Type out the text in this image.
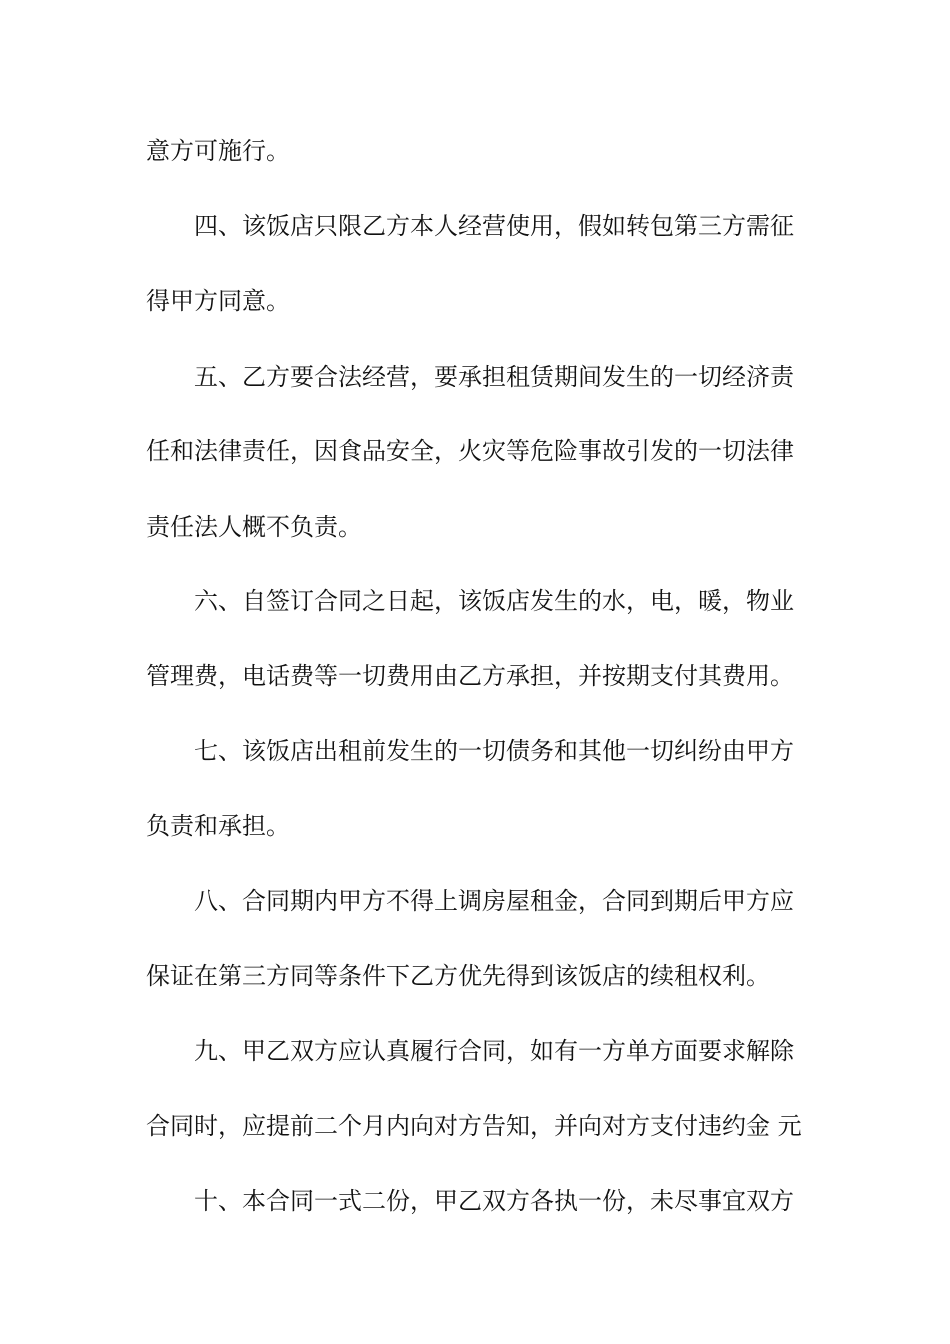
意方可施行。
四、该饭店只限乙方本人经营使用，假如转包第三方需征
得甲方同意。
五、乙方要合法经营，要承担租赁期间发生的一切经济责
任和法律责任，因食品安全，火灾等危险事故引发的一切法律
责任法人概不负责。
六、自签订合同之日起，该饭店发生的水，电，暖，物业
管理费，电话费等一切费用由乙方承担，并按期支付其费用。
七、该饭店出租前发生的一切债务和其他一切纠纷由甲方
负责和承担。
八、合同期内甲方不得上调房屋租金，合同到期后甲方应
保证在第三方同等条件下乙方优先得到该饭店的续租权利。
九、甲乙双方应认真履行合同，如有一方单方面要求解除
合同时，应提前二个月内向对方告知，并向对方支付违约金 元
十、本合同一式二份，甲乙双方各执一份，未尽事宜双方
